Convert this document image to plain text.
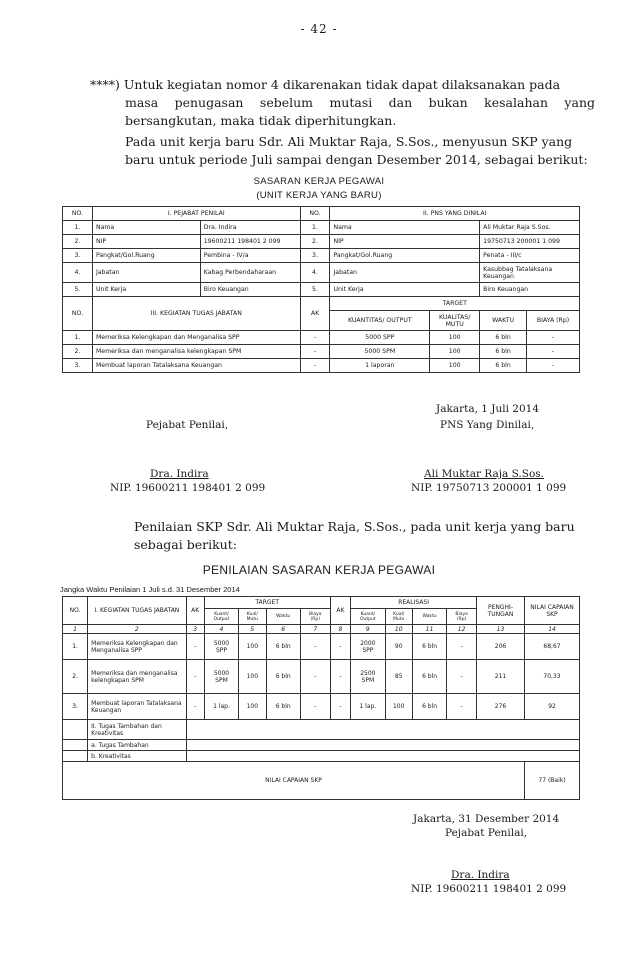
- 42 -
****) Untuk kegiatan nomor 4 dikarenakan tidak dapat dilaksanakan pada
masa penugasan sebelum mutasi dan bukan kesalahan yang
bersangkutan, maka tidak diperhitungkan.
Pada unit kerja baru Sdr. Ali Muktar Raja, S.Sos., menyusun SKP yang
baru untuk periode Juli sampai dengan Desember 2014, sebagai berikut:
SASARAN KERJA PEGAWAI
(UNIT KERJA YANG BARU)
NO.	I. PEJABAT PENILAI		NO.	II. PNS YANG DINILAI			
1.	Nama	Dra. Indira	1.	Nama		Ali Muktar Raja S.Sos.	
2.	NIP	19600211 198401 2 099	2.	NIP		19750713 200001 1 099	
3.	Pangkat/Gol.Ruang	Pembina - IV/a	3.	Pangkat/Gol.Ruang		Penata - III/c	
4.	Jabatan	Kabag Perbendaharaan	4.	Jabatan		Kasubbag Tatalaksana Keuangan	
5.	Unit Kerja	Biro Keuangan	5.	Unit Kerja		Biro Keuangan	
NO.	III. KEGIATAN TUGAS JABATAN		AK	TARGET			
				KUANTITAS/ OUTPUT	KUALITAS/ MUTU	WAKTU	BIAYA (Rp)
1.	Memeriksa Kelengkapan dan Menganalisa SPP		-	5000 SPP	100	6 bln	-
2.	Memeriksa dan menganalisa kelengkapan SPM		-	5000 SPM	100	6 bln	-
3.	Membuat laporan Tatalaksana Keuangan		-	1 laporan	100	6 bln	-
Jakarta, 1 Juli 2014
Pejabat Penilai,	PNS Yang Dinilai,
Dra. Indira
NIP. 19600211 198401 2 099
Ali Muktar Raja S.Sos.
NIP. 19750713 200001 1 099
Penilaian SKP Sdr. Ali Muktar Raja, S.Sos., pada unit kerja yang baru
sebagai berikut:
PENILAIAN SASARAN KERJA PEGAWAI
Jangka Waktu Penilaian 1 Juli s.d. 31 Desember 2014
NO.	I. KEGIATAN TUGAS JABATAN	AK	TARGET				AK	REALISASI				PENGHI-TUNGAN	NILAI CAPAIAN SKP
			Kuant/ Output	Kual/ Mutu	Waktu	Biaya (Rp)		Kuant/ Output	Kual/ Mutu	Waktu	Biaya (Rp)		
1	2	3	4	5	6	7	8	9	10	11	12	13	14
1.	Memeriksa Kelengkapan dan Menganalisa SPP	-	5000 SPP	100	6 bln	-	-	2000 SPP	90	6 bln	-	206	68,67
2.	Memeriksa dan menganalisa kelengkapan SPM	-	5000 SPM	100	6 bln	-	-	2500 SPM	85	6 bln	-	211	70,33
3.	Membuat laporan Tatalaksana Keuangan	-	1 lap.	100	6 bln	-	-	1 lap.	100	6 bln	-	276	92
	II. Tugas Tambahan dan Kreativitas												
	a. Tugas Tambahan												
	b. Kreativitas												
NILAI CAPAIAN SKP													77 (Baik)
Jakarta, 31 Desember 2014
Pejabat Penilai,
Dra. Indira
NIP. 19600211 198401 2 099
